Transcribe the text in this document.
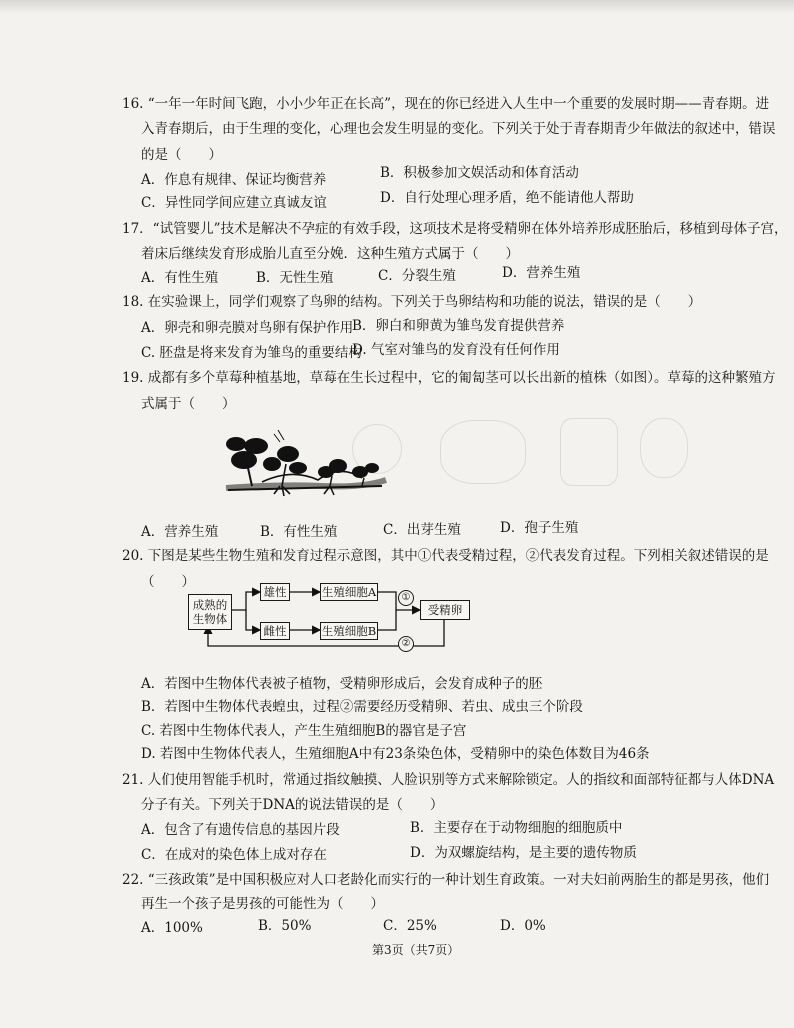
16. “一年一年时间飞跑，小小少年正在长高”，现在的你已经进入人生中一个重要的发展时期——青春期。进
入青春期后，由于生理的变化，心理也会发生明显的变化。下列关于处于青春期青少年做法的叙述中，错误
的是（　　）
A．作息有规律、保证均衡营养	B．积极参加文娱活动和体育活动
C．异性同学间应建立真诚友谊	D．自行处理心理矛盾，绝不能请他人帮助
17．“试管婴儿”技术是解决不孕症的有效手段，这项技术是将受精卵在体外培养形成胚胎后，移植到母体子宫，
着床后继续发育形成胎儿直至分娩．这种生殖方式属于（　　）
A．有性生殖	B．无性生殖	C．分裂生殖	D．营养生殖
18. 在实验课上，同学们观察了鸟卵的结构。下列关于鸟卵结构和功能的说法，错误的是（　　）
A．卵壳和卵壳膜对鸟卵有保护作用
B．卵白和卵黄为雏鸟发育提供营养
C. 胚盘是将来发育为雏鸟的重要结构
D. 气室对雏鸟的发育没有任何作用
19. 成都有多个草莓种植基地，草莓在生长过程中，它的匍匐茎可以长出新的植株（如图）。草莓的这种繁殖方
式属于（　　）
A．营养生殖	B．有性生殖	C．出芽生殖	D．孢子生殖
20. 下图是某些生物生殖和发育过程示意图，其中①代表受精过程，②代表发育过程。下列相关叙述错误的是
（　　）
成熟的生物体
雄性
雌性
生殖细胞A
生殖细胞B
受精卵
①
②
A．若图中生物体代表被子植物，受精卵形成后，会发育成种子的胚
B．若图中生物体代表蝗虫，过程②需要经历受精卵、若虫、成虫三个阶段
C. 若图中生物体代表人，产生生殖细胞B的器官是子宫
D. 若图中生物体代表人，生殖细胞A中有23条染色体，受精卵中的染色体数目为46条
21. 人们使用智能手机时，常通过指纹触摸、人脸识别等方式来解除锁定。人的指纹和面部特征都与人体DNA
分子有关。下列关于DNA的说法错误的是（　　）
A．包含了有遗传信息的基因片段	B．主要存在于动物细胞的细胞质中
C．在成对的染色体上成对存在	D．为双螺旋结构，是主要的遗传物质
22. “三孩政策”是中国积极应对人口老龄化而实行的一种计划生育政策。一对夫妇前两胎生的都是男孩，他们
再生一个孩子是男孩的可能性为（　　）
A．100%	B．50%	C．25%	D．0%
第3页（共7页）
